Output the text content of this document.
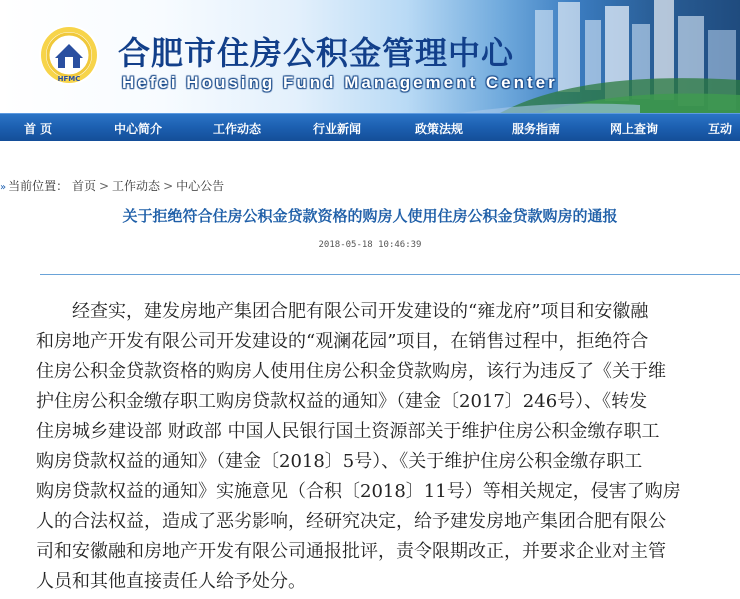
HFMC
合肥市住房公积金管理中心
Hefei Housing Fund Management Center
首 页	中心简介	工作动态	行业新闻	政策法规	服务指南	网上查询	互动
» 当前位置： 首页 > 工作动态 > 中心公告
关于拒绝符合住房公积金贷款资格的购房人使用住房公积金贷款购房的通报
2018-05-18 10:46:39

　　经查实，建发房地产集团合肥有限公司开发建设的“雍龙府”项目和安徽融
和房地产开发有限公司开发建设的“观澜花园”项目，在销售过程中，拒绝符合
住房公积金贷款资格的购房人使用住房公积金贷款购房，该行为违反了《关于维
护住房公积金缴存职工购房贷款权益的通知》（建金〔2017〕246号）、《转发
住房城乡建设部 财政部 中国人民银行国土资源部关于维护住房公积金缴存职工
购房贷款权益的通知》（建金〔2018〕5号）、《关于维护住房公积金缴存职工
购房贷款权益的通知》实施意见（合积〔2018〕11号）等相关规定，侵害了购房
人的合法权益，造成了恶劣影响，经研究决定，给予建发房地产集团合肥有限公
司和安徽融和房地产开发有限公司通报批评，责令限期改正，并要求企业对主管
人员和其他直接责任人给予处分。
